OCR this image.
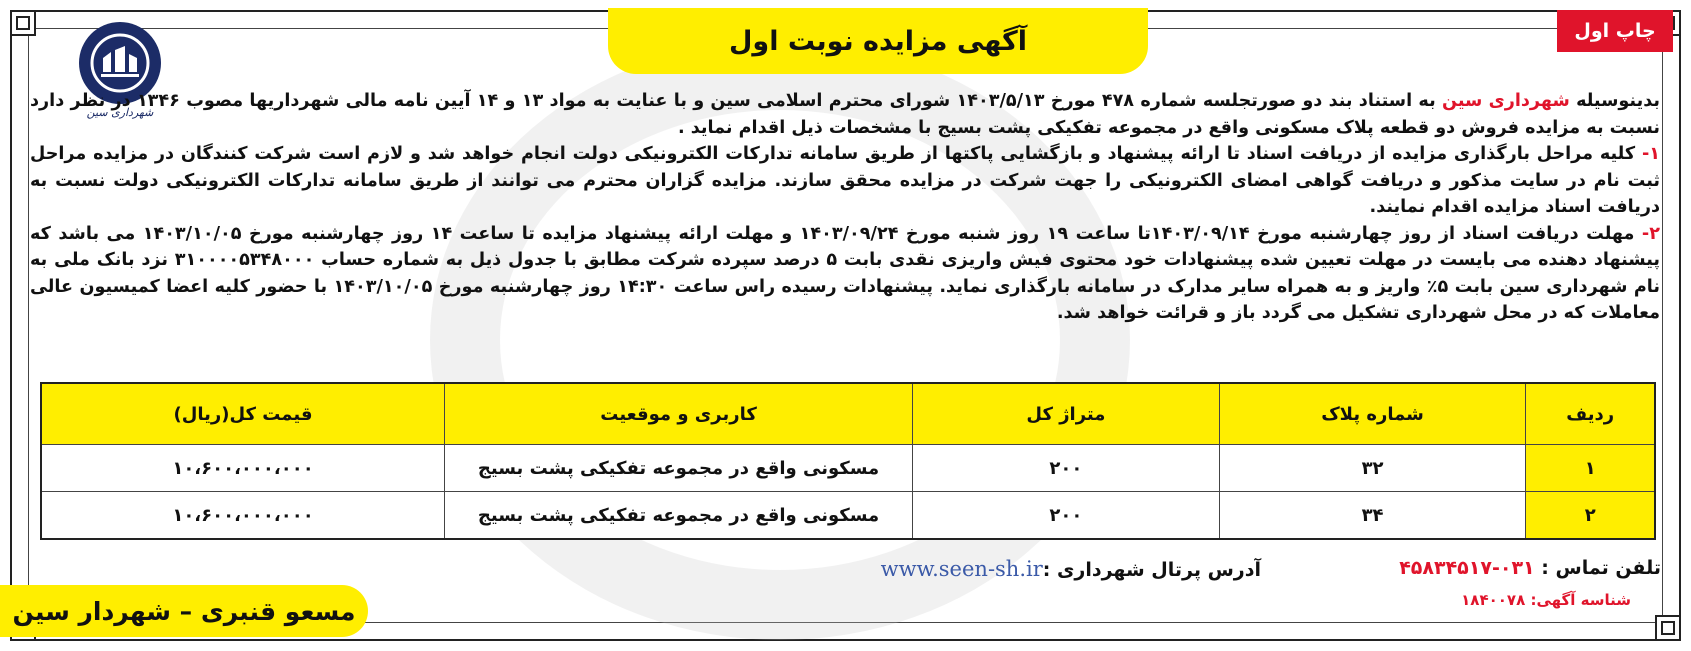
چاپ اول
آگهی مزایده نوبت اول
شهرداری سین

بدینوسیله شهرداری سین به استناد بند دو صورتجلسه شماره ۴۷۸ مورخ ۱۴۰۳/۵/۱۳ شورای محترم اسلامی سین و با عنایت به مواد ۱۳ و ۱۴ آیین نامه مالی شهرداریها مصوب ۱۳۴۶ در نظر دارد نسبت به مزایده فروش دو قطعه پلاک مسکونی واقع در مجموعه تفکیکی پشت بسیج با مشخصات ذیل اقدام نماید .

۱- کلیه مراحل بارگذاری مزایده از دریافت اسناد تا ارائه پیشنهاد و بازگشایی پاکتها از طریق سامانه تدارکات الکترونیکی دولت انجام خواهد شد و لازم است شرکت کنندگان در مزایده مراحل ثبت نام در سایت مذکور و دریافت گواهی امضای الکترونیکی را جهت شرکت در مزایده محقق سازند. مزایده گزاران محترم می توانند از طریق سامانه تدارکات الکترونیکی دولت نسبت به دریافت اسناد مزایده اقدام نمایند.

۲- مهلت دریافت اسناد از روز چهارشنبه مورخ ۱۴۰۳/۰۹/۱۴تا ساعت ۱۹ روز شنبه مورخ ۱۴۰۳/۰۹/۲۴ و مهلت ارائه پیشنهاد مزایده تا ساعت ۱۴ روز چهارشنبه مورخ ۱۴۰۳/۱۰/۰۵ می باشد که پیشنهاد دهنده می بایست در مهلت تعیین شده پیشنهادات خود محتوی فیش واریزی نقدی بابت ۵ درصد سپرده شرکت مطابق با جدول ذیل به شماره حساب ۳۱۰۰۰۰۵۳۴۸۰۰۰ نزد بانک ملی به نام شهرداری سین بابت ۵٪ واریز و به همراه سایر مدارک در سامانه بارگذاری نماید. پیشنهادات رسیده راس ساعت ۱۴:۳۰ روز چهارشنبه مورخ ۱۴۰۳/۱۰/۰۵ با حضور کلیه اعضا کمیسیون عالی معاملات که در محل شهرداری تشکیل می گردد باز و قرائت خواهد شد.

ردیف	شماره پلاک	متراژ کل	کاربری و موقعیت	قیمت کل(ریال)
۱	۳۲	۲۰۰	مسکونی واقع در مجموعه تفکیکی پشت بسیج	۱۰،۶۰۰،۰۰۰،۰۰۰
۲	۳۴	۲۰۰	مسکونی واقع در مجموعه تفکیکی پشت بسیج	۱۰،۶۰۰،۰۰۰،۰۰۰
تلفن تماس : ۰۳۱-۴۵۸۳۴۵۱۷
شناسه آگهی: ۱۸۴۰۰۷۸
آدرس پرتال شهرداری :www.seen-sh.ir
مسعو قنبری – شهردار سین
